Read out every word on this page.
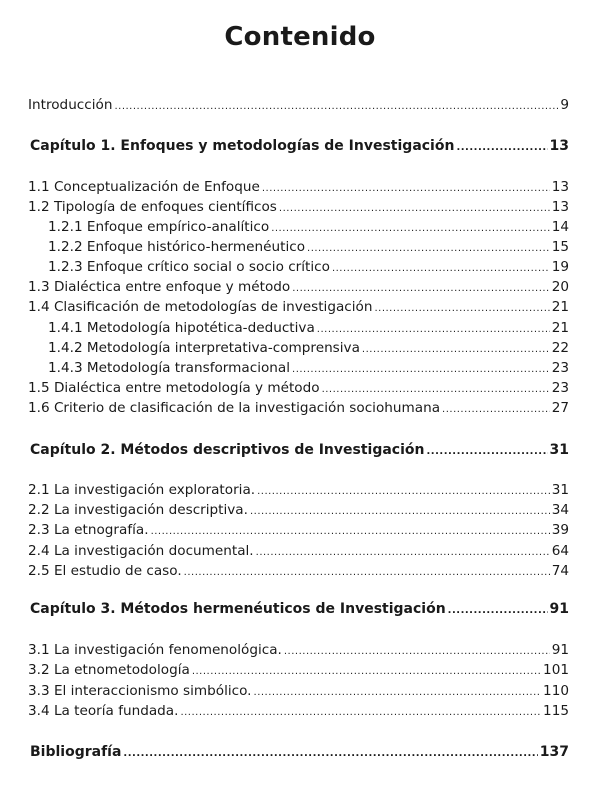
Contenido
Introducción .....	9
Capítulo 1. Enfoques y metodologías de Investigación .....	13
1.1 Conceptualización de Enfoque .....	13
1.2 Tipología de enfoques científicos .....	13
1.2.1 Enfoque empírico-analítico .....	14
1.2.2 Enfoque histórico-hermenéutico .....	15
1.2.3 Enfoque crítico social o socio crítico .....	19
1.3 Dialéctica entre enfoque y método .....	20
1.4 Clasificación de metodologías de investigación .....	21
1.4.1 Metodología hipotética-deductiva .....	21
1.4.2 Metodología interpretativa-comprensiva .....	22
1.4.3 Metodología transformacional .....	23
1.5 Dialéctica entre metodología y método .....	23
1.6 Criterio de clasificación de la investigación sociohumana .....	27
Capítulo 2. Métodos descriptivos de Investigación .....	31
2.1 La investigación exploratoria. .....	31
2.2 La investigación descriptiva. .....	34
2.3 La etnografía. .....	39
2.4 La investigación documental. .....	64
2.5 El estudio de caso. .....	74
Capítulo 3. Métodos hermenéuticos de Investigación .....	91
3.1 La investigación fenomenológica. .....	91
3.2 La etnometodología .....	101
3.3 El interaccionismo simbólico. .....	110
3.4 La teoría fundada. .....	115
Bibliografía .....	137
